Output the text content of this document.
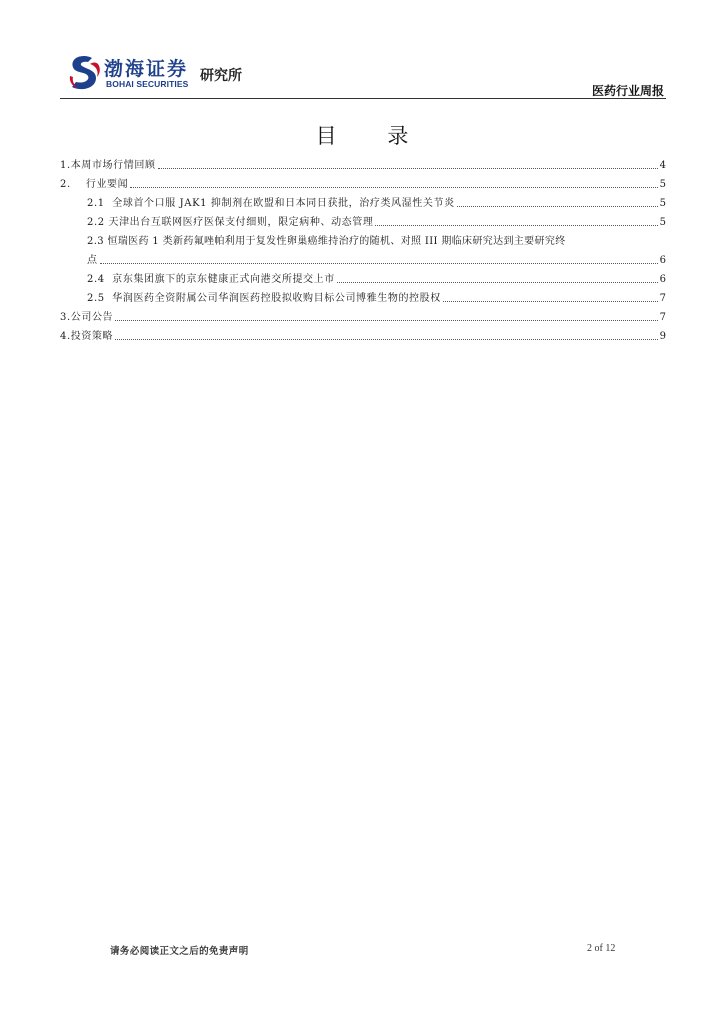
渤海证券
BOHAI SECURITIES 研究所
医药行业周报
目 录
1.本周市场行情回顾	4
2.    行业要闻	5
2.1  全球首个口服 JAK1 抑制剂在欧盟和日本同日获批，治疗类风湿性关节炎	5
2.2 天津出台互联网医疗医保支付细则，限定病种、动态管理	5
2.3 恒瑞医药 1 类新药氟唑帕利用于复发性卵巢癌维持治疗的随机、对照 III 期临床研究达到主要研究终
点	6
2.4  京东集团旗下的京东健康正式向港交所提交上市	6
2.5  华润医药全资附属公司华润医药控股拟收购目标公司博雅生物的控股权	7
3.公司公告	7
4.投资策略	9
请务必阅读正文之后的免责声明	2 of 12
